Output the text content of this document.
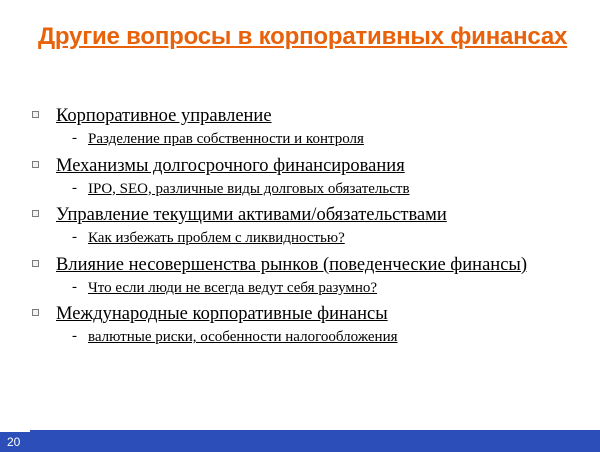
Другие вопросы в корпоративных финансах
Корпоративное управление
- Разделение прав собственности и контроля
Механизмы долгосрочного финансирования
- IPO, SEO, различные виды долговых обязательств
Управление текущими активами/обязательствами
- Как избежать проблем с ликвидностью?
Влияние несовершенства рынков (поведенческие финансы)
- Что если люди не всегда ведут себя разумно?
Международные корпоративные финансы
- валютные риски, особенности налогообложения
20
